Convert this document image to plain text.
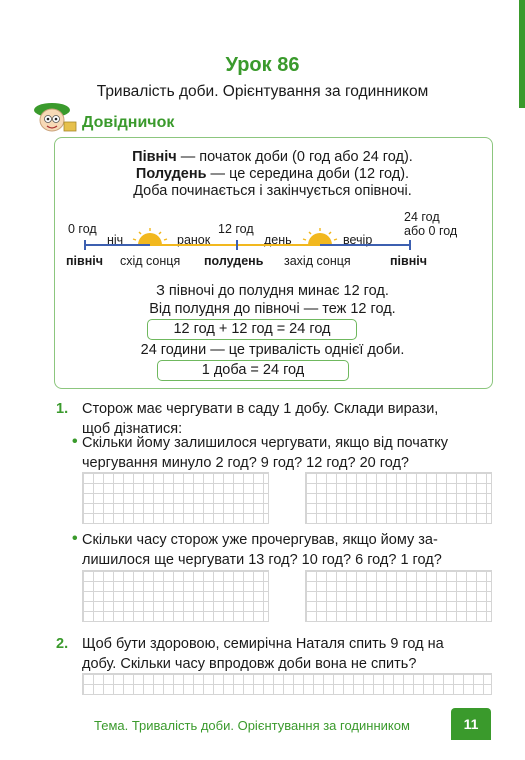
Урок 86
Тривалість доби. Орієнтування за годинником
Довідничок
Північ — початок доби (0 год або 24 год).
Полудень — це середина доби (12 год).
Доба починається і закінчується опівночі.
0 год	12 год
24 год
або 0 год
ніч	ранок	день	вечір
північ схід сонця полудень захід сонця	північ
З півночі до полудня минає 12 год.
Від полудня до півночі — теж 12 год.
12 год + 12 год = 24 год
24 години — це тривалість однієї доби.
1 доба = 24 год
1. Сторож має чергувати в саду 1 добу. Склади вирази,
щоб дізнатися:
• Скільки йому залишилося чергувати, якщо від початку
чергування минуло 2 год? 9 год? 12 год? 20 год?
• Скільки часу сторож уже прочергував, якщо йому за-
лишилося ще чергувати 13 год? 10 год? 6 год? 1 год?
2. Щоб бути здоровою, семирічна Наталя спить 9 год на
добу. Скільки часу впродовж доби вона не спить?
Тема. Тривалість доби. Орієнтування за годинником	11
